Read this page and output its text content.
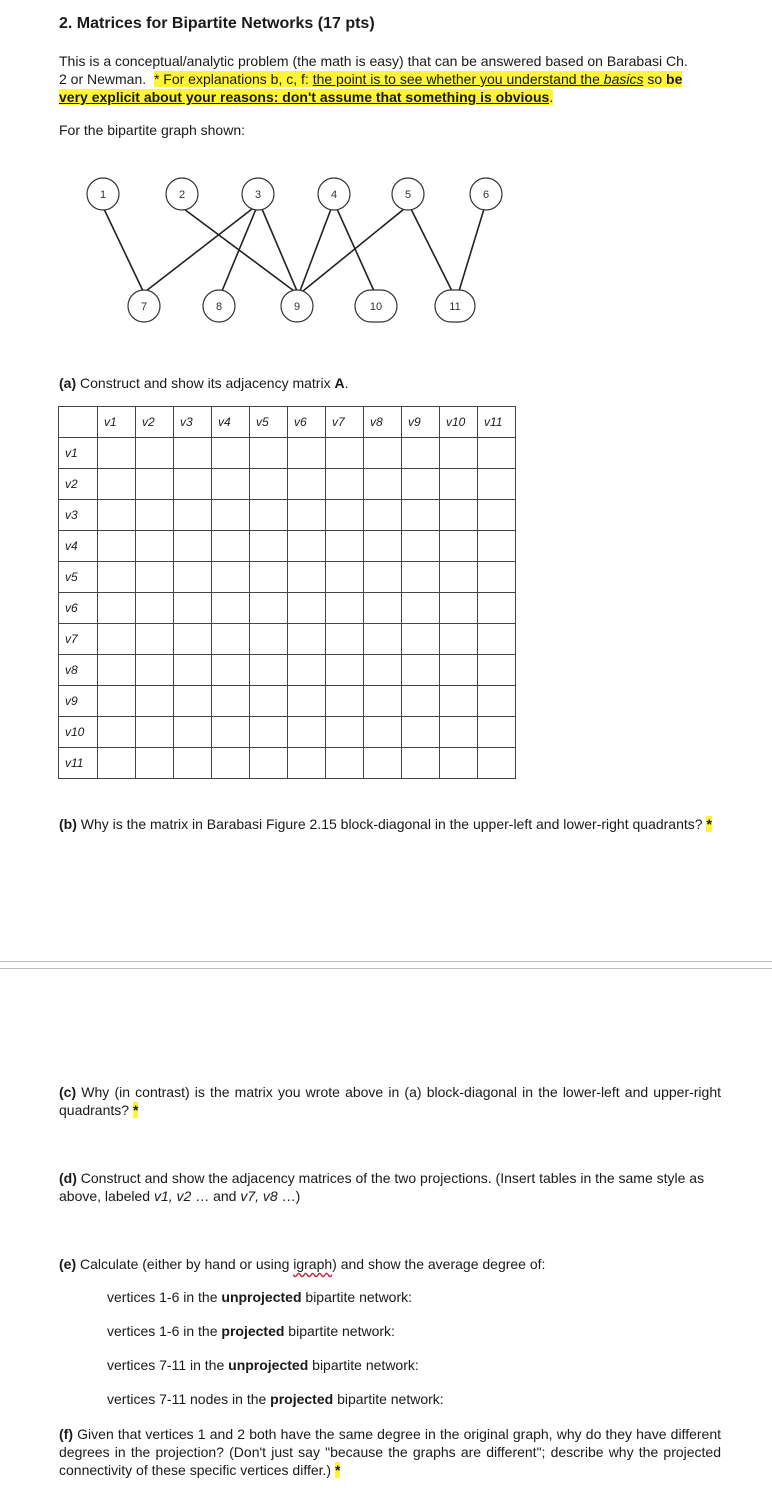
2. Matrices for Bipartite Networks (17 pts)
This is a conceptual/analytic problem (the math is easy) that can be answered based on Barabasi Ch.
2 or Newman. * For explanations b, c, f: the point is to see whether you understand the basics so be
very explicit about your reasons: don't assume that something is obvious.
For the bipartite graph shown:
1	2	3	4	5	6
7	8	9	10	11
(a) Construct and show its adjacency matrix A.
	v1	v2	v3	v4	v5	v6	v7	v8	v9	v10	v11
v1											
v2											
v3											
v4											
v5											
v6											
v7											
v8											
v9											
v10											
v11											
(b) Why is the matrix in Barabasi Figure 2.15 block-diagonal in the upper-left and lower-right quadrants? *
(c) Why (in contrast) is the matrix you wrote above in (a) block-diagonal in the lower-left and upper-right quadrants? *
(d) Construct and show the adjacency matrices of the two projections. (Insert tables in the same style as above, labeled v1, v2 … and v7, v8 …)
(e) Calculate (either by hand or using igraph) and show the average degree of:
vertices 1-6 in the unprojected bipartite network:
vertices 1-6 in the projected bipartite network:
vertices 7-11 in the unprojected bipartite network:
vertices 7-11 nodes in the projected bipartite network:
(f) Given that vertices 1 and 2 both have the same degree in the original graph, why do they have different degrees in the projection? (Don't just say "because the graphs are different"; describe why the projected connectivity of these specific vertices differ.) *
